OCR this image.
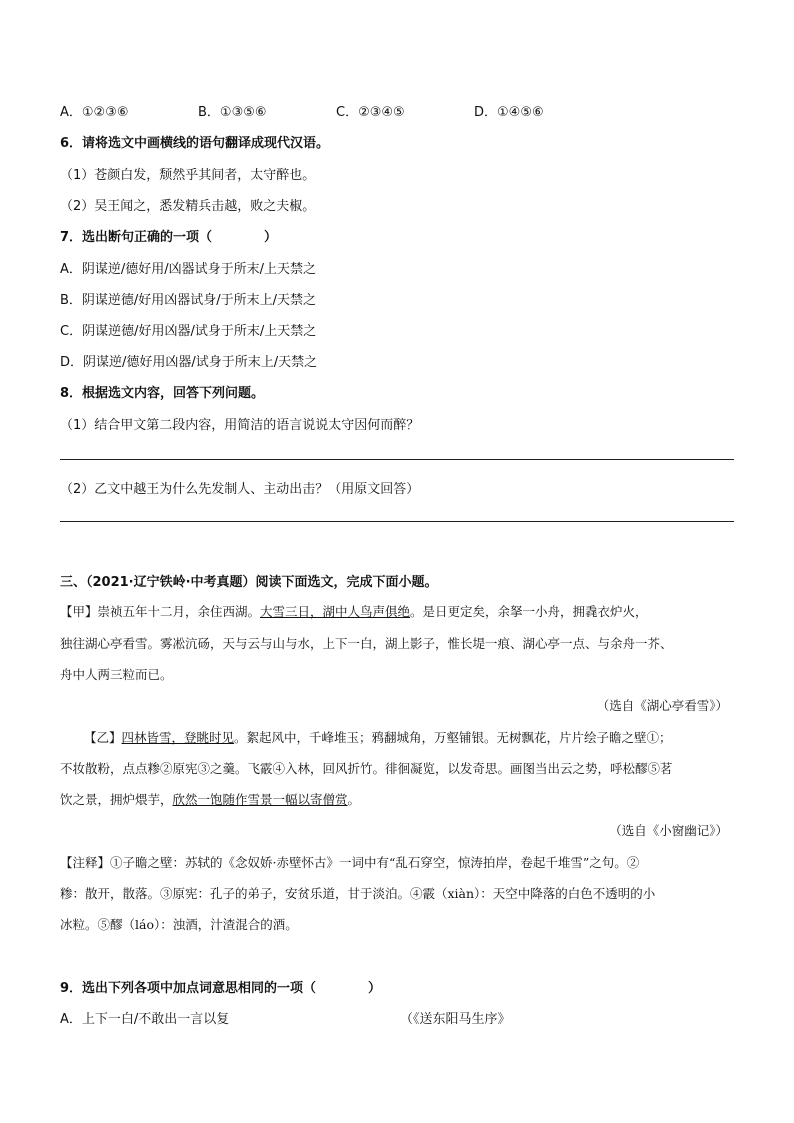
A．①②③⑥	B．①③⑤⑥	C．②③④⑤	D．①④⑤⑥
6．请将选文中画横线的语句翻译成现代汉语。
（1）苍颜白发，颓然乎其间者，太守醉也。
（2）吴王闻之，悉发精兵击越，败之夫椒。
7．选出断句正确的一项（　　　　）
A．阴谋逆/德好用/凶器试身于所末/上天禁之
B．阴谋逆德/好用凶器试身/于所末上/天禁之
C．阴谋逆德/好用凶器/试身于所末/上天禁之
D．阴谋逆/德好用凶器/试身于所末上/天禁之
8．根据选文内容，回答下列问题。
（1）结合甲文第二段内容，用简洁的语言说说太守因何而醉？
（2）乙文中越王为什么先发制人、主动出击？（用原文回答）
三、（2021·辽宁铁岭·中考真题）阅读下面选文，完成下面小题。
【甲】崇祯五年十二月，余住西湖。大雪三日，湖中人鸟声俱绝。是日更定矣，余拏一小舟，拥毳衣炉火，
独往湖心亭看雪。雾凇沆砀，天与云与山与水，上下一白，湖上影子，惟长堤一痕、湖心亭一点、与余舟一芥、
舟中人两三粒而已。
（选自《湖心亭看雪》）
【乙】四林皆雪，登眺时见。絮起风中，千峰堆玉；鸦翻城角，万壑铺银。无树飘花，片片绘子瞻之壁①；
不妆散粉，点点糁②原宪③之羹。飞霰④入林，回风折竹。徘徊凝览，以发奇思。画图当出云之势，呼松醪⑤茗
饮之景，拥炉煨芋，欣然一饱随作雪景一幅以寄僧赏。
（选自《小窗幽记》）
【注释】①子瞻之壁：苏轼的《念奴娇·赤壁怀古》一词中有“乱石穿空，惊涛拍岸，卷起千堆雪”之句。②
糁：散开，散落。③原宪：孔子的弟子，安贫乐道，甘于淡泊。④霰（xiàn）：天空中降落的白色不透明的小
冰粒。⑤醪（láo）：浊酒，汁渣混合的酒。
9．选出下列各项中加点词意思相同的一项（　　　　）
A．上下一白/不敢出一言以复	（《送东阳马生序》
